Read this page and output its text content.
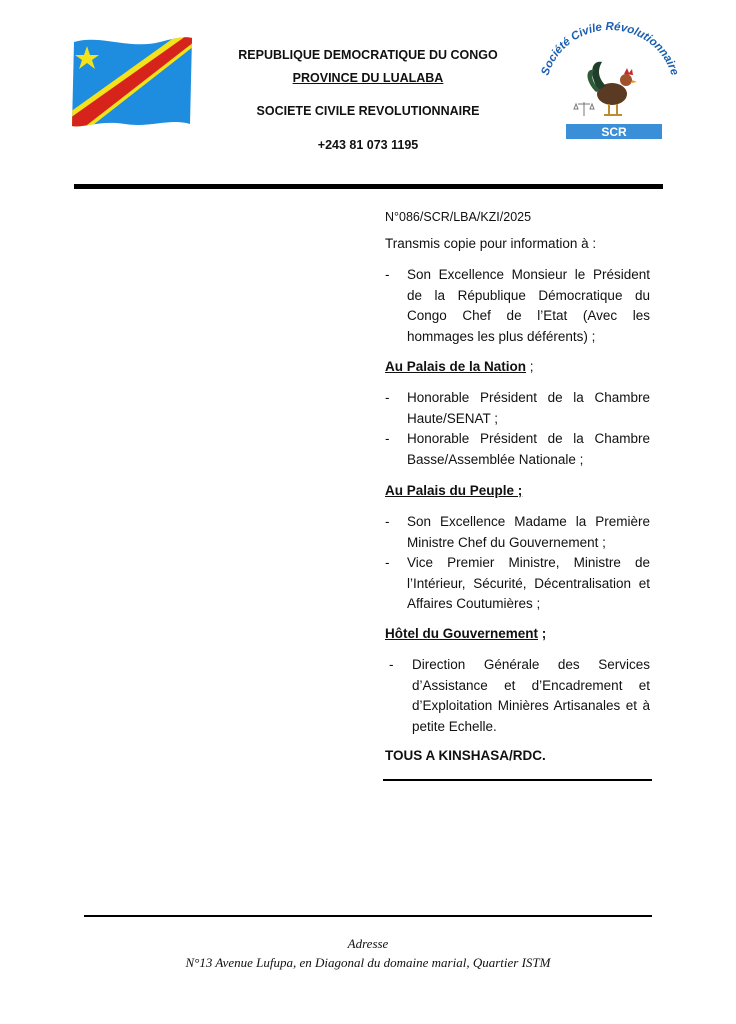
REPUBLIQUE DEMOCRATIQUE DU CONGO
PROVINCE DU LUALABA
SOCIETE CIVILE REVOLUTIONNAIRE
+243 81 073 1195
Société Civile Révolutionnaire
SCR
N°086/SCR/LBA/KZI/2025
Transmis copie pour information à :
- Son Excellence Monsieur le Président de la République Démocratique du Congo Chef de l’Etat (Avec les hommages les plus déférents) ;
Au Palais de la Nation ;
- Honorable Président de la Chambre Haute/SENAT ;
- Honorable Président de la Chambre Basse/Assemblée Nationale ;
Au Palais du Peuple ;
- Son Excellence Madame la Première Ministre Chef du Gouvernement ;
- Vice Premier Ministre, Ministre de l’Intérieur, Sécurité, Décentralisation et Affaires Coutumières ;
Hôtel du Gouvernement ;
- Direction Générale des Services d’Assistance et d’Encadrement et d’Exploitation Minières Artisanales et à petite Echelle.
TOUS A KINSHASA/RDC.
Adresse
N°13 Avenue Lufupa, en Diagonal du domaine marial, Quartier ISTM
